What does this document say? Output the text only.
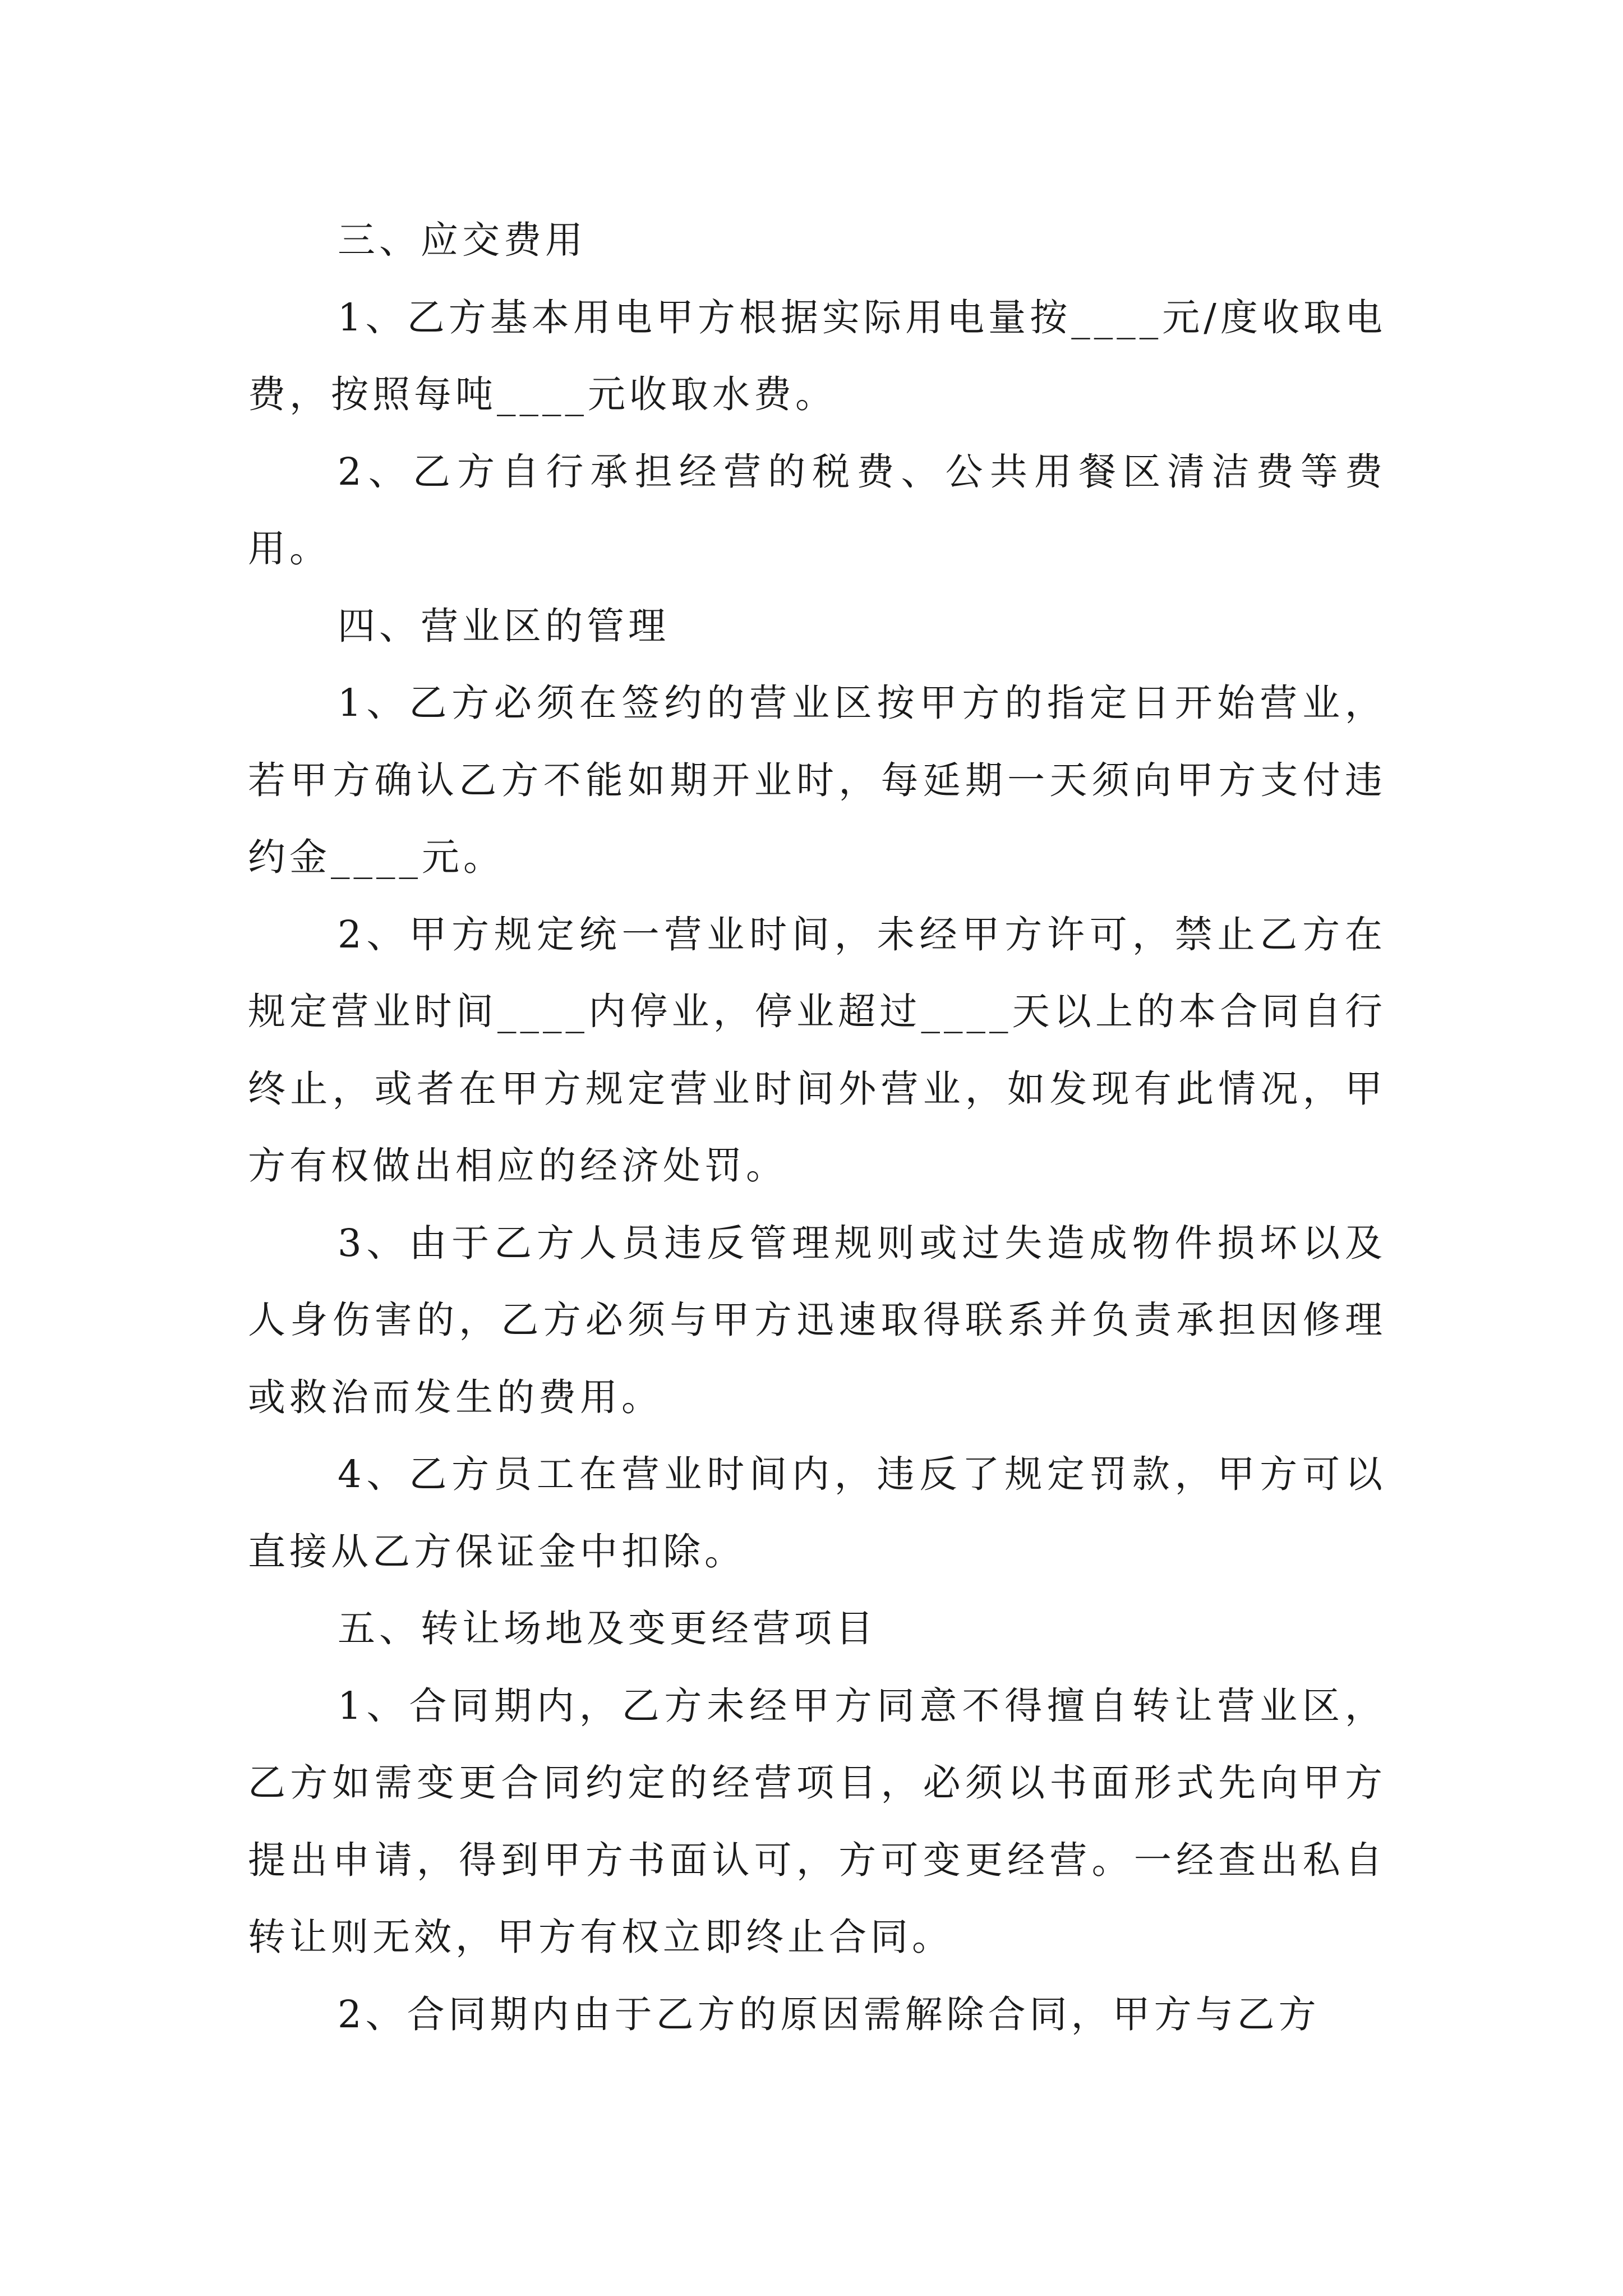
三、应交费用

1、乙方基本用电甲方根据实际用电量按____元/度收取电费，按照每吨____元收取水费。

2、乙方自行承担经营的税费、公共用餐区清洁费等费用。

四、营业区的管理

1、乙方必须在签约的营业区按甲方的指定日开始营业，若甲方确认乙方不能如期开业时，每延期一天须向甲方支付违约金____元。

2、甲方规定统一营业时间，未经甲方许可，禁止乙方在规定营业时间____内停业，停业超过____天以上的本合同自行终止，或者在甲方规定营业时间外营业，如发现有此情况，甲方有权做出相应的经济处罚。

3、由于乙方人员违反管理规则或过失造成物件损坏以及人身伤害的，乙方必须与甲方迅速取得联系并负责承担因修理或救治而发生的费用。

4、乙方员工在营业时间内，违反了规定罚款，甲方可以直接从乙方保证金中扣除。

五、转让场地及变更经营项目

1、合同期内，乙方未经甲方同意不得擅自转让营业区，乙方如需变更合同约定的经营项目，必须以书面形式先向甲方提出申请，得到甲方书面认可，方可变更经营。一经查出私自转让则无效，甲方有权立即终止合同。

2、合同期内由于乙方的原因需解除合同，甲方与乙方
